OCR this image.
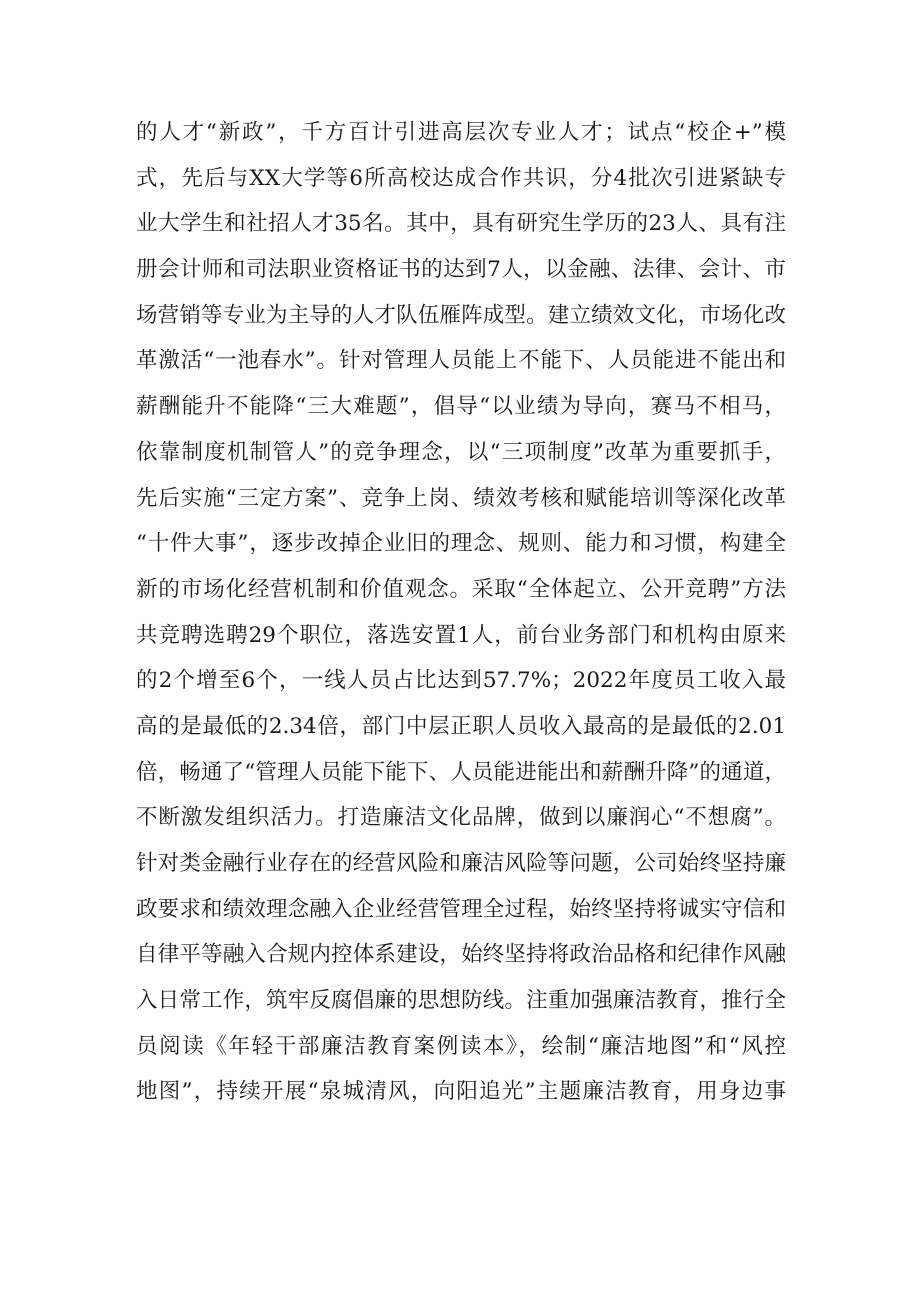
的人才“新政”，千方百计引进高层次专业人才；试点“校企+”模
式，先后与XX大学等6所高校达成合作共识，分4批次引进紧缺专
业大学生和社招人才35名。其中，具有研究生学历的23人、具有注
册会计师和司法职业资格证书的达到7人，以金融、法律、会计、市
场营销等专业为主导的人才队伍雁阵成型。建立绩效文化，市场化改
革激活“一池春水”。针对管理人员能上不能下、人员能进不能出和
薪酬能升不能降“三大难题”，倡导“以业绩为导向，赛马不相马，
依靠制度机制管人”的竞争理念，以“三项制度”改革为重要抓手，
先后实施“三定方案”、竞争上岗、绩效考核和赋能培训等深化改革
“十件大事”，逐步改掉企业旧的理念、规则、能力和习惯，构建全
新的市场化经营机制和价值观念。采取“全体起立、公开竞聘”方法
共竞聘选聘29个职位，落选安置1人，前台业务部门和机构由原来
的2个增至6个，一线人员占比达到57.7%；2022年度员工收入最
高的是最低的2.34倍，部门中层正职人员收入最高的是最低的2.01
倍，畅通了“管理人员能下能下、人员能进能出和薪酬升降”的通道，
不断激发组织活力。打造廉洁文化品牌，做到以廉润心“不想腐”。
针对类金融行业存在的经营风险和廉洁风险等问题，公司始终坚持廉
政要求和绩效理念融入企业经营管理全过程，始终坚持将诚实守信和
自律平等融入合规内控体系建设，始终坚持将政治品格和纪律作风融
入日常工作，筑牢反腐倡廉的思想防线。注重加强廉洁教育，推行全
员阅读《年轻干部廉洁教育案例读本》，绘制“廉洁地图”和“风控
地图”，持续开展“泉城清风，向阳追光”主题廉洁教育，用身边事
